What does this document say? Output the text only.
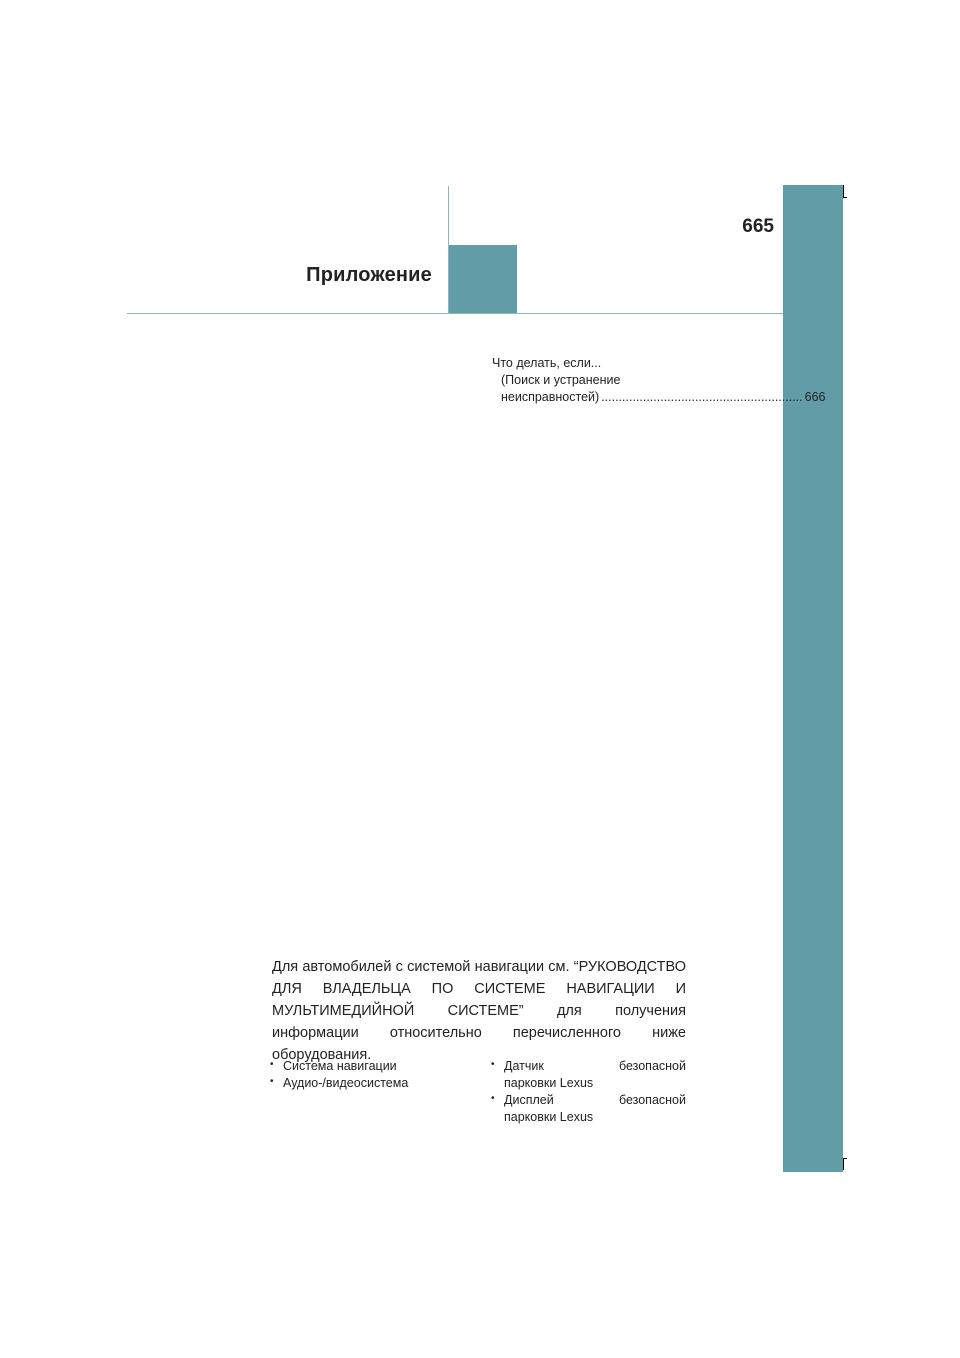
665
Приложение
Что делать, если...
(Поиск и устранение
неисправностей) .......................................................... 666
Для автомобилей с системой навигации см. “РУКОВОДСТВО ДЛЯ ВЛАДЕЛЬЦА ПО СИСТЕМЕ НАВИГАЦИИ И МУЛЬТИМЕДИЙНОЙ СИСТЕМЕ” для получения информации относительно перечисленного ниже оборудования.
• Система навигации
• Аудио-/видеосистема
• Датчик	безопасной
парковки Lexus
• Дисплей	безопасной
парковки Lexus
